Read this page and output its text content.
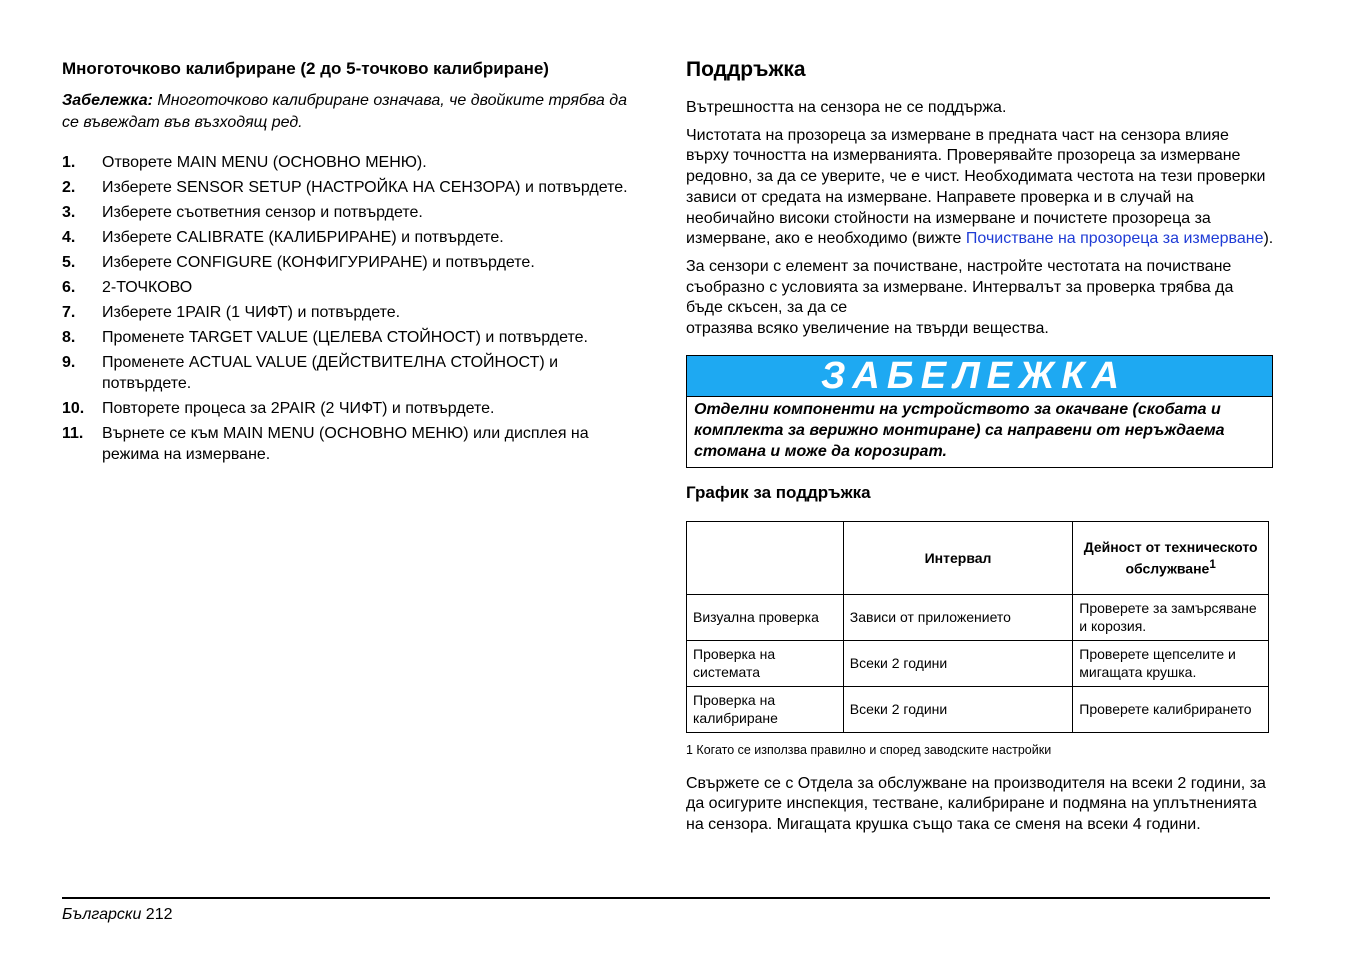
Многоточково калибриране (2 до 5-точково калибриране)

Забележка: Многоточково калибриране означава, че двойките трябва да се въвеждат във възходящ ред.

1.	Отворете MAIN MENU (ОСНОВНО МЕНЮ).
2.	Изберете SENSOR SETUP (НАСТРОЙКА НА СЕНЗОРА) и потвърдете.
3.	Изберете съответния сензор и потвърдете.
4.	Изберете CALIBRATE (КАЛИБРИРАНЕ) и потвърдете.
5.	Изберете CONFIGURE (КОНФИГУРИРАНЕ) и потвърдете.
6.	2-ТОЧКОВО
7.	Изберете 1PAIR (1 ЧИФТ) и потвърдете.
8.	Променете TARGET VALUE (ЦЕЛЕВА СТОЙНОСТ) и потвърдете.
9.	Променете ACTUAL VALUE (ДЕЙСТВИТЕЛНА СТОЙНОСТ) и потвърдете.
10.	Повторете процеса за 2PAIR (2 ЧИФТ) и потвърдете.
11.	Върнете се към MAIN MENU (ОСНОВНО МЕНЮ) или дисплея на режима на измерване.
Поддръжка

Вътрешността на сензора не се поддържа.

Чистотата на прозореца за измерване в предната част на сензора влияе върху точността на измерванията. Проверявайте прозореца за измерване редовно, за да се уверите, че е чист. Необходимата честота на тези проверки зависи от средата на измерване. Направете проверка и в случай на необичайно високи стойности на измерване и почистете прозореца за измерване, ако е необходимо (вижте Почистване на прозореца за измерване).

За сензори с елемент за почистване, настройте честотата на почистване съобразно с условията за измерване. Интервалът за проверка трябва да бъде скъсен, за да се
отразява всяко увеличение на твърди вещества.

ЗАБЕЛЕЖКА
Отделни компоненти на устройството за окачване (скобата и
комплекта за верижно монтиране) са направени от неръждаема стомана и може да корозират.
График за поддръжка
	Интервал	Дейност от техническото обслужване$^1$
Визуална проверка	Зависи от приложението	Проверете за замърсяване и корозия.
Проверка на системата	Всеки 2 години	Проверете щепселите и мигащата крушка.
Проверка на калибриране	Всеки 2 години	Проверете калибрирането
1 Когато се използва правилно и според заводските настройки

Свържете се с Отдела за обслужване на производителя на всеки 2 години, за да осигурите инспекция, тестване, калибриране и подмяна на уплътненията на сензора. Мигащата крушка също така се сменя на всеки 4 години.

Български 212
